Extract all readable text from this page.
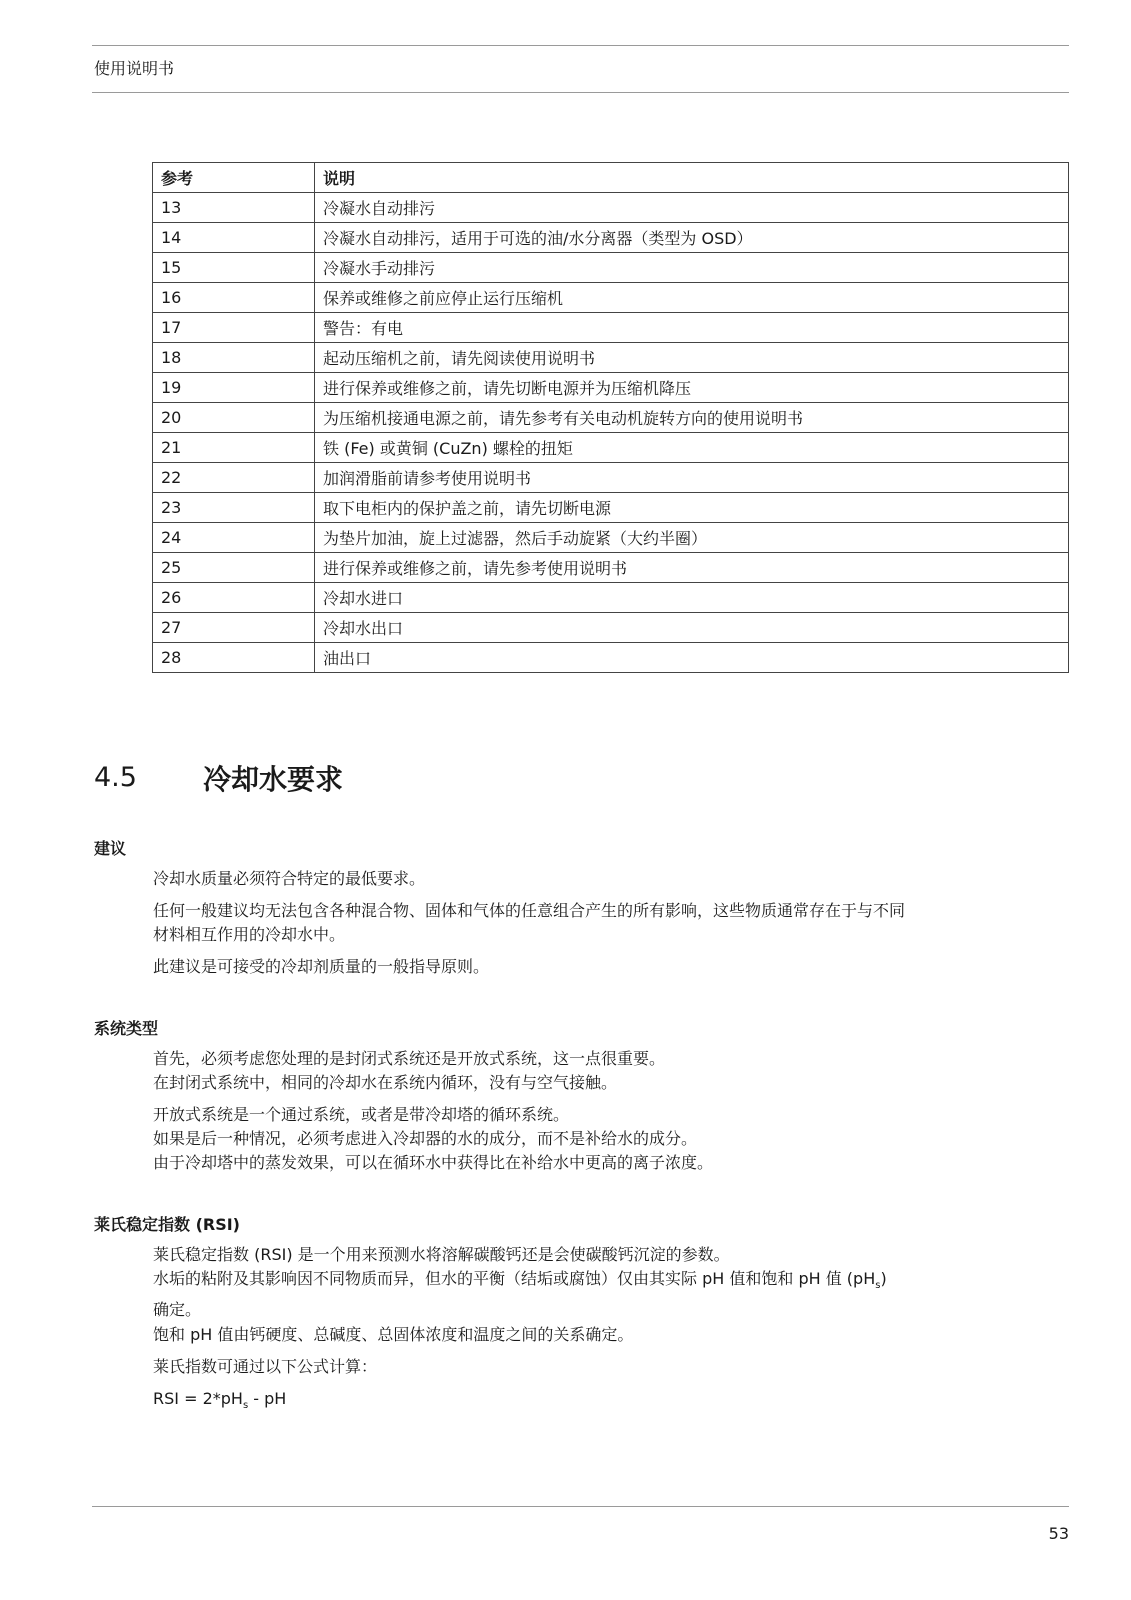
使用说明书
参考	说明
13	冷凝水自动排污
14	冷凝水自动排污，适用于可选的油/水分离器（类型为 OSD）
15	冷凝水手动排污
16	保养或维修之前应停止运行压缩机
17	警告：有电
18	起动压缩机之前，请先阅读使用说明书
19	进行保养或维修之前，请先切断电源并为压缩机降压
20	为压缩机接通电源之前，请先参考有关电动机旋转方向的使用说明书
21	铁 (Fe) 或黄铜 (CuZn) 螺栓的扭矩
22	加润滑脂前请参考使用说明书
23	取下电柜内的保护盖之前，请先切断电源
24	为垫片加油，旋上过滤器，然后手动旋紧（大约半圈）
25	进行保养或维修之前，请先参考使用说明书
26	冷却水进口
27	冷却水出口
28	油出口
4.5 冷却水要求
建议

冷却水质量必须符合特定的最低要求。

任何一般建议均无法包含各种混合物、固体和气体的任意组合产生的所有影响，这些物质通常存在于与不同
材料相互作用的冷却水中。

此建议是可接受的冷却剂质量的一般指导原则。

系统类型

首先，必须考虑您处理的是封闭式系统还是开放式系统，这一点很重要。
在封闭式系统中，相同的冷却水在系统内循环，没有与空气接触。

开放式系统是一个通过系统，或者是带冷却塔的循环系统。
如果是后一种情况，必须考虑进入冷却器的水的成分，而不是补给水的成分。
由于冷却塔中的蒸发效果，可以在循环水中获得比在补给水中更高的离子浓度。

莱氏稳定指数 (RSI)

莱氏稳定指数 (RSI) 是一个用来预测水将溶解碳酸钙还是会使碳酸钙沉淀的参数。
水垢的粘附及其影响因不同物质而异，但水的平衡（结垢或腐蚀）仅由其实际 pH 值和饱和 pH 值 $(pH_s)$
确定。

饱和 pH 值由钙硬度、总碱度、总固体浓度和温度之间的关系确定。

莱氏指数可通过以下公式计算：

RSI = $2*pH_s$ - pH

53
